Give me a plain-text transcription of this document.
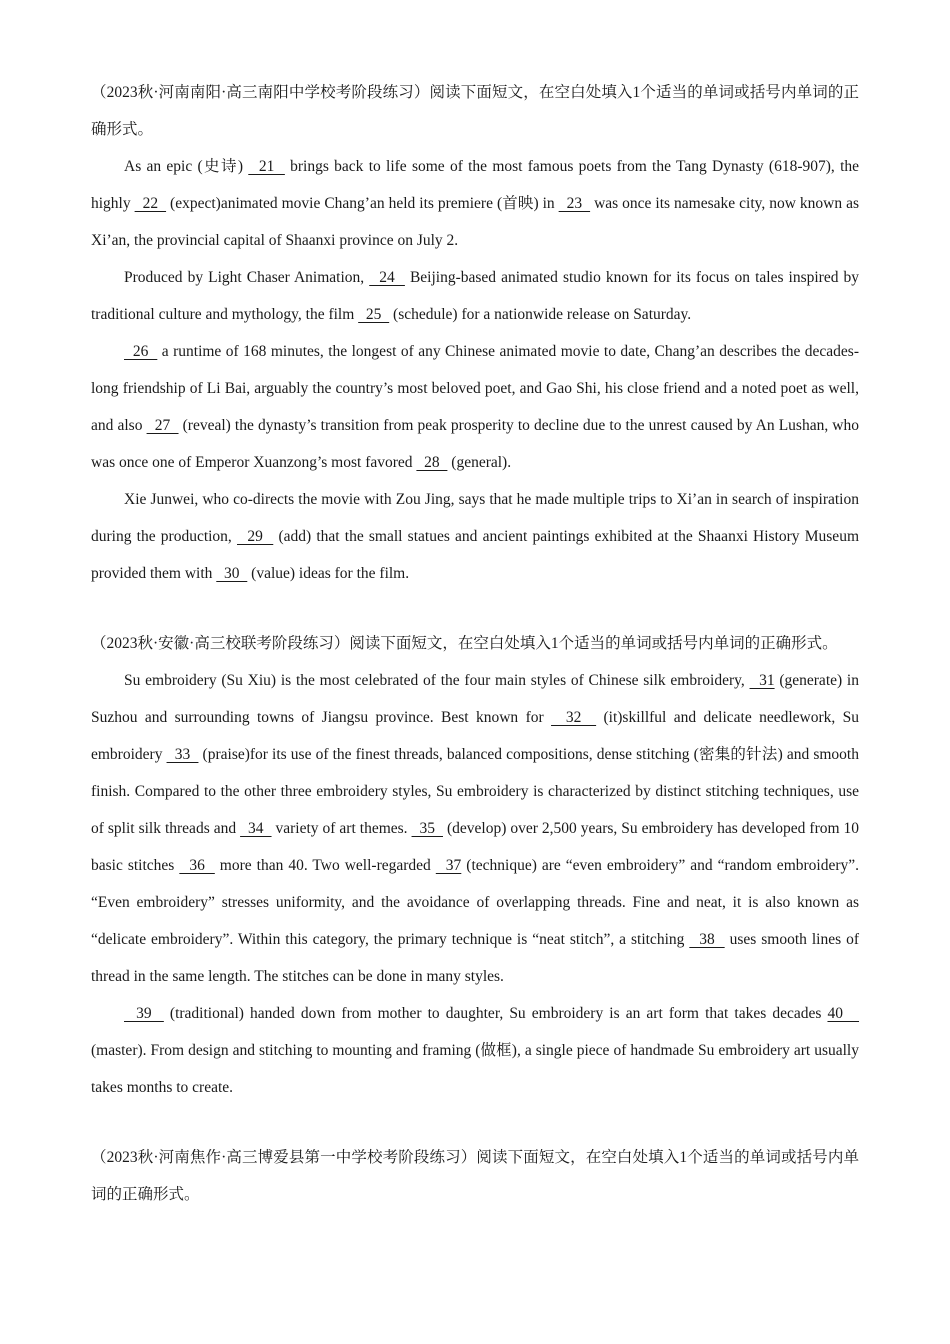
（2023秋·河南南阳·高三南阳中学校考阶段练习）阅读下面短文，在空白处填入1个适当的单词或括号内单词的正确形式。

As an epic (史诗)   21   brings back to life some of the most famous poets from the Tang Dynasty (618-907), the highly   22   (expect)animated movie Chang’an held its premiere (首映) in   23   was once its namesake city, now known as Xi’an, the provincial capital of Shaanxi province on July 2.

Produced by Light Chaser Animation,   24   Beijing-based animated studio known for its focus on tales inspired by traditional culture and mythology, the film   25   (schedule) for a nationwide release on Saturday.

26   a runtime of 168 minutes, the longest of any Chinese animated movie to date, Chang’an describes the decades-long friendship of Li Bai, arguably the country’s most beloved poet, and Gao Shi, his close friend and a noted poet as well, and also   27   (reveal) the dynasty’s transition from peak prosperity to decline due to the unrest caused by An Lushan, who was once one of Emperor Xuanzong’s most favored   28   (general).

Xie Junwei, who co-directs the movie with Zou Jing, says that he made multiple trips to Xi’an in search of inspiration during the production,   29   (add) that the small statues and ancient paintings exhibited at the Shaanxi History Museum provided them with   30   (value) ideas for the film.

（2023秋·安徽·高三校联考阶段练习）阅读下面短文，在空白处填入1个适当的单词或括号内单词的正确形式。

Su embroidery (Su Xiu) is the most celebrated of the four main styles of Chinese silk embroidery,   31 (generate) in Suzhou and surrounding towns of Jiangsu province. Best known for   32   (it)skillful and delicate needlework, Su embroidery   33   (praise)for its use of the finest threads, balanced compositions, dense stitching (密集的针法) and smooth finish. Compared to the other three embroidery styles, Su embroidery is characterized by distinct stitching techniques, use of split silk threads and   34   variety of art themes.   35   (develop) over 2,500 years, Su embroidery has developed from 10 basic stitches   36   more than 40. Two well-regarded   37 (technique) are “even embroidery” and “random embroidery”. “Even embroidery” stresses uniformity, and the avoidance of overlapping threads. Fine and neat, it is also known as “delicate embroidery”. Within this category, the primary technique is “neat stitch”, a stitching   38   uses smooth lines of thread in the same length. The stitches can be done in many styles.

39   (traditional) handed down from mother to daughter, Su embroidery is an art form that takes decades 40    (master). From design and stitching to mounting and framing (做框), a single piece of handmade Su embroidery art usually takes months to create.

（2023秋·河南焦作·高三博爱县第一中学校考阶段练习）阅读下面短文，在空白处填入1个适当的单词或括号内单词的正确形式。
